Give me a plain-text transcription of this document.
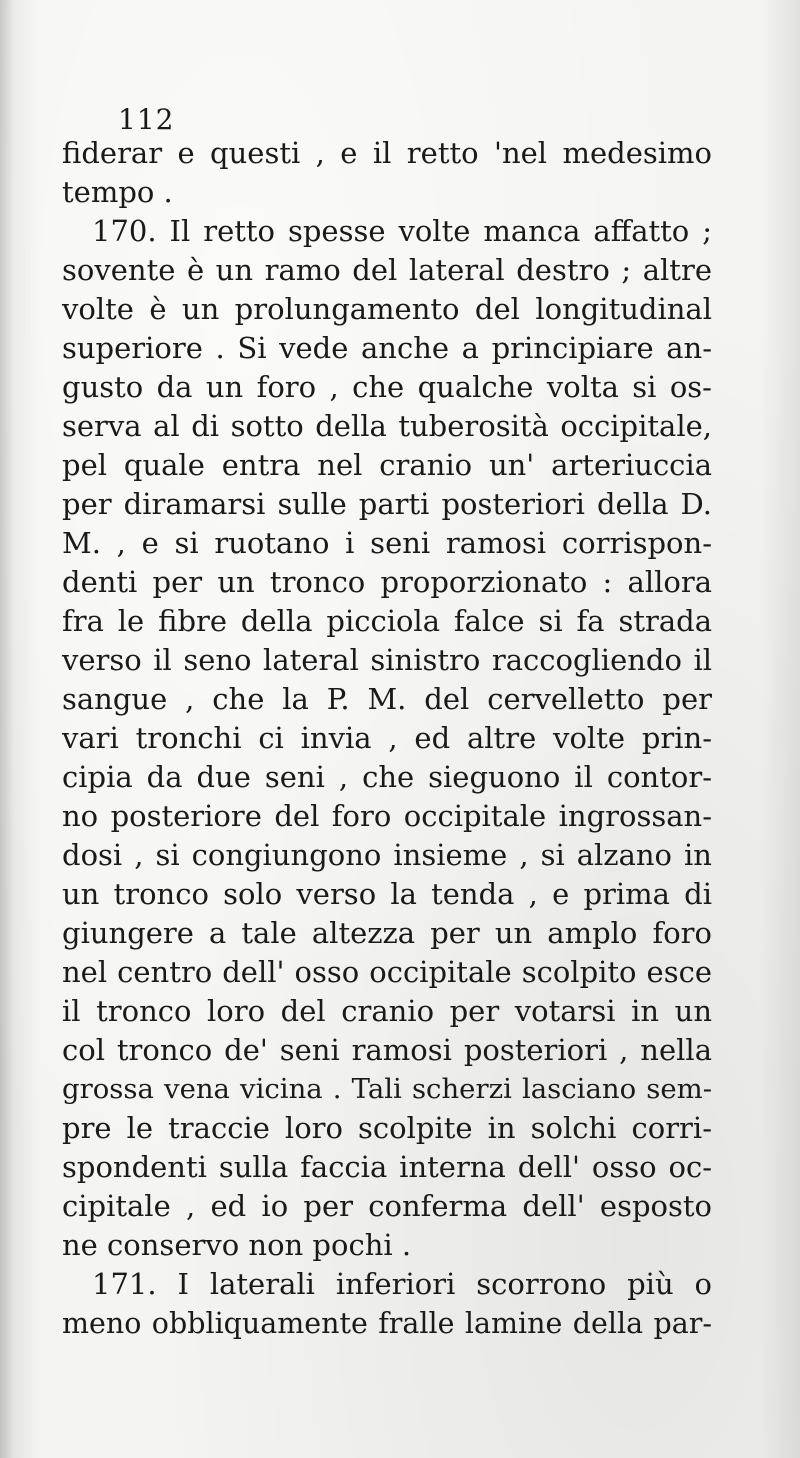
112

fiderar e questi , e il retto 'nel medesimo
tempo .
170. Il retto spesse volte manca affatto ;
sovente è un ramo del lateral destro ; altre
volte è un prolungamento del longitudinal
superiore . Si vede anche a principiare an-
gusto da un foro , che qualche volta si os-
serva al di sotto della tuberosità occipitale,
pel quale entra nel cranio un' arteriuccia
per diramarsi sulle parti posteriori della D.
M. , e si ruotano i seni ramosi corrispon-
denti per un tronco proporzionato : allora
fra le fibre della picciola falce si fa strada
verso il seno lateral sinistro raccogliendo il
sangue , che la P. M. del cervelletto per
vari tronchi ci invia , ed altre volte prin-
cipia da due seni , che sieguono il contor-
no posteriore del foro occipitale ingrossan-
dosi , si congiungono insieme , si alzano in
un tronco solo verso la tenda , e prima di
giungere a tale altezza per un amplo foro
nel centro dell' osso occipitale scolpito esce
il tronco loro del cranio per votarsi in un
col tronco de' seni ramosi posteriori , nella
grossa vena vicina . Tali scherzi lasciano sem-
pre le traccie loro scolpite in solchi corri-
spondenti sulla faccia interna dell' osso oc-
cipitale , ed io per conferma dell' esposto
ne conservo non pochi .
171. I laterali inferiori scorrono più o
meno obbliquamente fralle lamine della par-
